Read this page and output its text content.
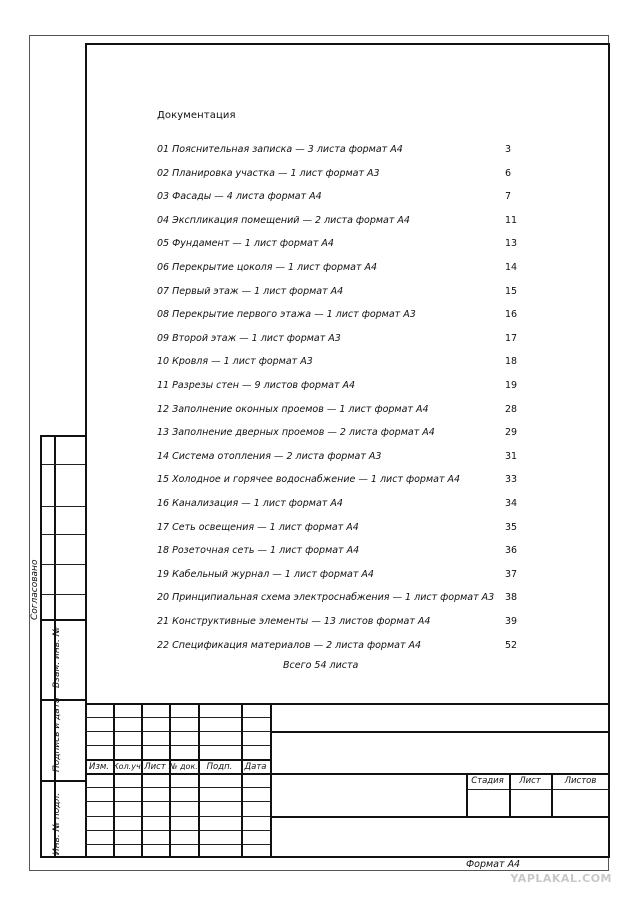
Документация
01 Пояснительная записка — 3 листа формат А4	3
02 Планировка участка — 1 лист формат А3	6
03 Фасады — 4 листа формат А4	7
04 Экспликация помещений — 2 листа формат А4	11
05 Фундамент — 1 лист формат А4	13
06 Перекрытие цоколя — 1 лист формат А4	14
07 Первый этаж — 1 лист формат А4	15
08 Перекрытие первого этажа — 1 лист формат А3	16
09 Второй этаж — 1 лист формат А3	17
10 Кровля — 1 лист формат А3	18
11 Разрезы стен — 9 листов формат А4	19
12 Заполнение оконных проемов — 1 лист формат А4	28
13 Заполнение дверных проемов — 2 листа формат А4	29
14 Система отопления — 2 листа формат А3	31
15 Холодное и горячее водоснабжение — 1 лист формат А4	33
16 Канализация — 1 лист формат А4	34
17 Сеть освещения — 1 лист формат А4	35
18 Розеточная сеть — 1 лист формат А4	36
19 Кабельный журнал — 1 лист формат А4	37
20 Принципиальная схема электроснабжения — 1 лист формат А3 38
21 Конструктивные элементы — 13 листов формат А4	39
22 Спецификация материалов — 2 листа формат А4	52
Всего 54 листа
Согласовано
Взам. инв. №
Подпись и дата
Инв. № подл.
Изм. Кол.уч. Лист № док.	Подп.	Дата
Стадия	Лист	Листов
Формат А4
YAPLAKAL.COM
